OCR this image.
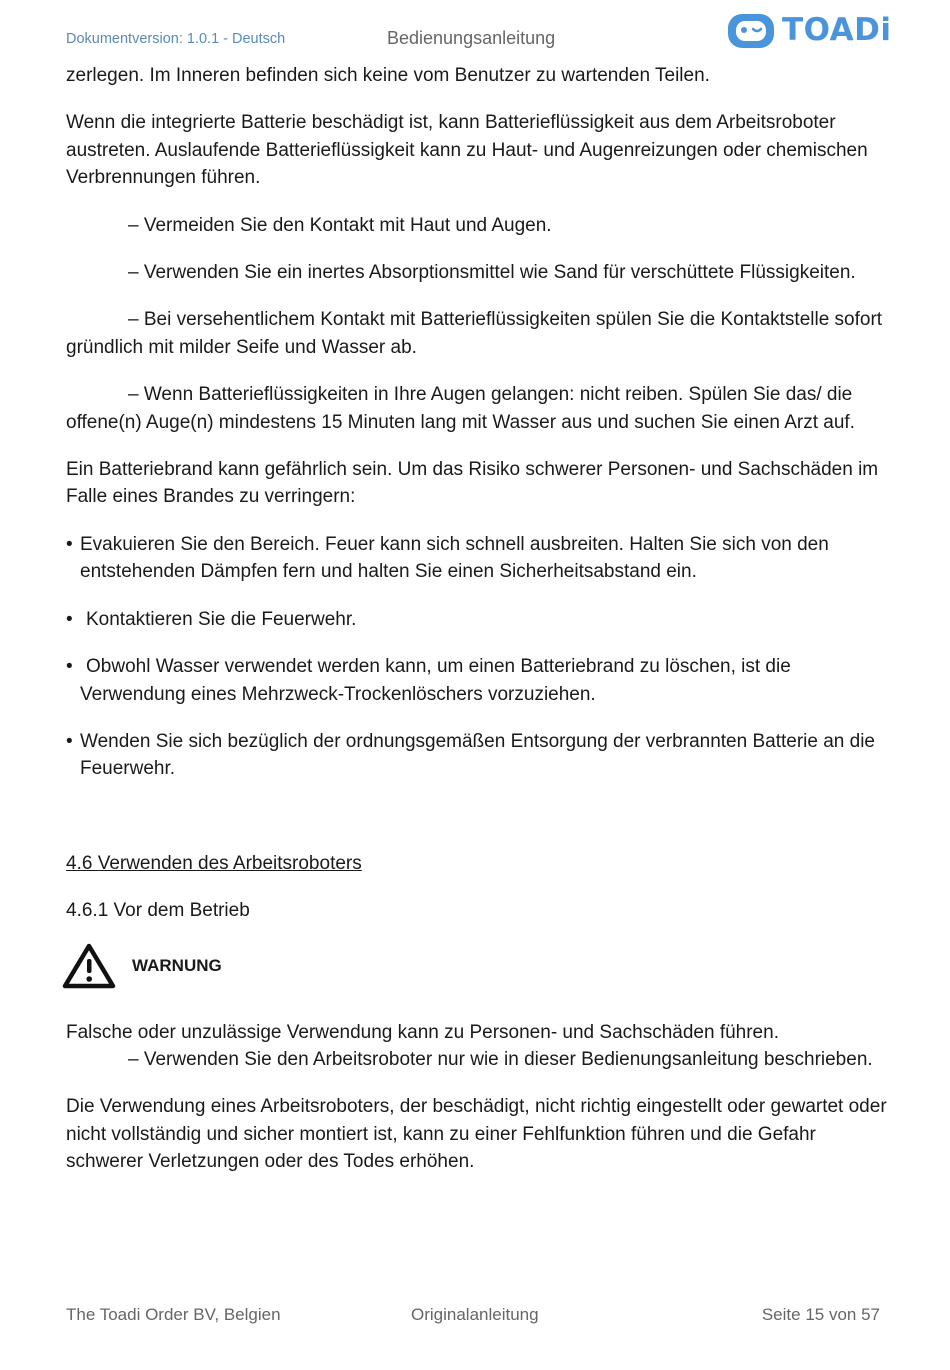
Dokumentversion: 1.0.1 - Deutsch	Bedienungsanleitung	TOADi

zerlegen. Im Inneren befinden sich keine vom Benutzer zu wartenden Teilen.

Wenn die integrierte Batterie beschädigt ist, kann Batterieflüssigkeit aus dem Arbeitsroboter austreten. Auslaufende Batterieflüssigkeit kann zu Haut- und Augenreizungen oder chemischen Verbrennungen führen.

– Vermeiden Sie den Kontakt mit Haut und Augen.

– Verwenden Sie ein inertes Absorptionsmittel wie Sand für verschüttete Flüssigkeiten.

– Bei versehentlichem Kontakt mit Batterieflüssigkeiten spülen Sie die Kontaktstelle sofort gründlich mit milder Seife und Wasser ab.

– Wenn Batterieflüssigkeiten in Ihre Augen gelangen: nicht reiben. Spülen Sie das/ die offene(n) Auge(n) mindestens 15 Minuten lang mit Wasser aus und suchen Sie einen Arzt auf.

Ein Batteriebrand kann gefährlich sein. Um das Risiko schwerer Personen- und Sachschäden im Falle eines Brandes zu verringern:

• Evakuieren Sie den Bereich. Feuer kann sich schnell ausbreiten. Halten Sie sich von den entstehenden Dämpfen fern und halten Sie einen Sicherheitsabstand ein.
• Kontaktieren Sie die Feuerwehr.
• Obwohl Wasser verwendet werden kann, um einen Batteriebrand zu löschen, ist die Verwendung eines Mehrzweck-Trockenlöschers vorzuziehen.
• Wenden Sie sich bezüglich der ordnungsgemäßen Entsorgung der verbrannten Batterie an die Feuerwehr.

4.6 Verwenden des Arbeitsroboters

4.6.1 Vor dem Betrieb

WARNUNG

Falsche oder unzulässige Verwendung kann zu Personen- und Sachschäden führen.

– Verwenden Sie den Arbeitsroboter nur wie in dieser Bedienungsanleitung beschrieben.

Die Verwendung eines Arbeitsroboters, der beschädigt, nicht richtig eingestellt oder gewartet oder nicht vollständig und sicher montiert ist, kann zu einer Fehlfunktion führen und die Gefahr schwerer Verletzungen oder des Todes erhöhen.

The Toadi Order BV, Belgien	Originalanleitung	Seite 15 von 57
